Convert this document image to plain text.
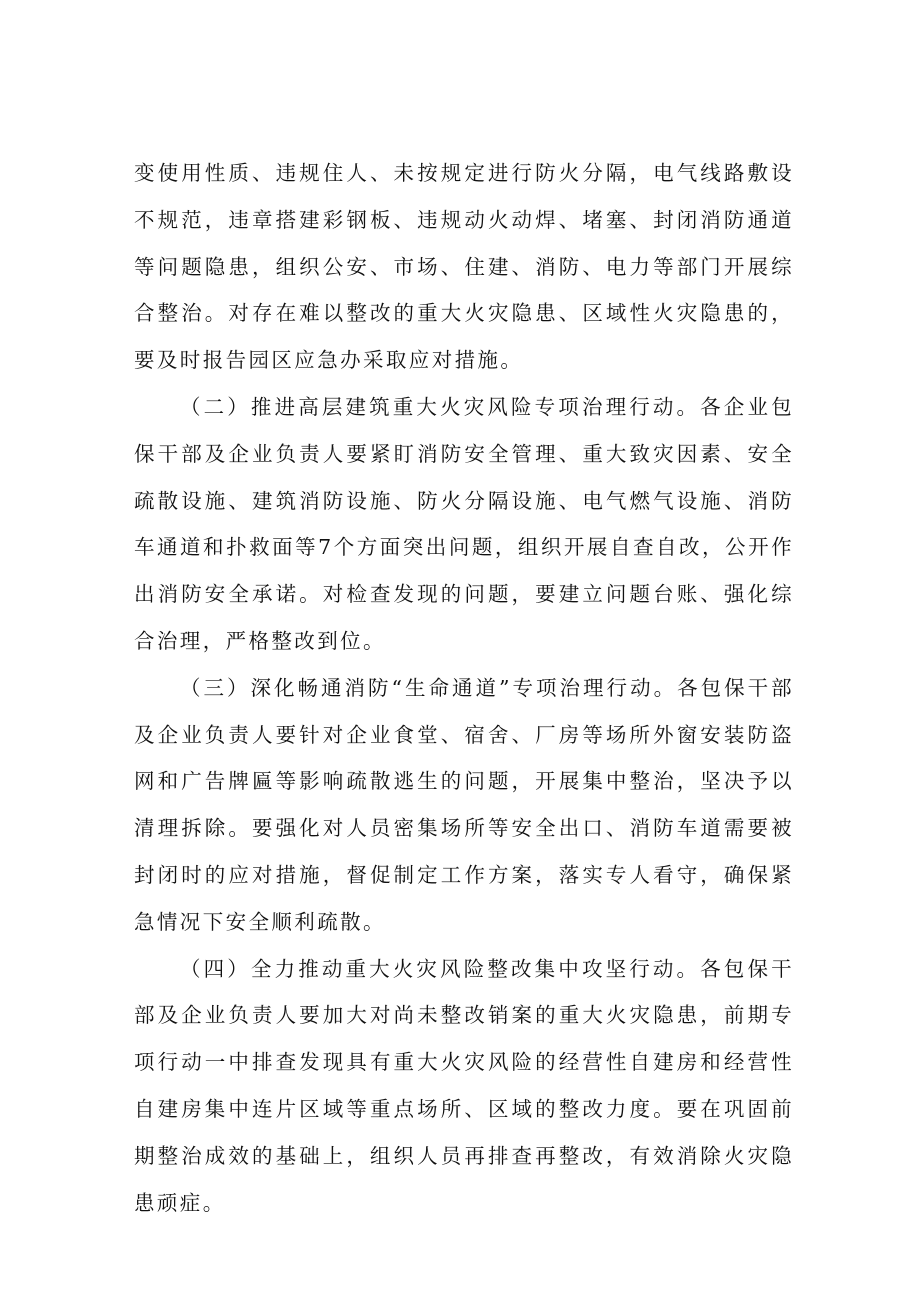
变使用性质、违规住人、未按规定进行防火分隔，电气线路敷设不规范，违章搭建彩钢板、违规动火动焊、堵塞、封闭消防通道等问题隐患，组织公安、市场、住建、消防、电力等部门开展综合整治。对存在难以整改的重大火灾隐患、区域性火灾隐患的，要及时报告园区应急办采取应对措施。

（二）推进高层建筑重大火灾风险专项治理行动。各企业包保干部及企业负责人要紧盯消防安全管理、重大致灾因素、安全疏散设施、建筑消防设施、防火分隔设施、电气燃气设施、消防车通道和扑救面等7个方面突出问题，组织开展自查自改，公开作出消防安全承诺。对检查发现的问题，要建立问题台账、强化综合治理，严格整改到位。

（三）深化畅通消防“生命通道”专项治理行动。各包保干部及企业负责人要针对企业食堂、宿舍、厂房等场所外窗安装防盗网和广告牌匾等影响疏散逃生的问题，开展集中整治，坚决予以清理拆除。要强化对人员密集场所等安全出口、消防车道需要被封闭时的应对措施，督促制定工作方案，落实专人看守，确保紧急情况下安全顺利疏散。

（四）全力推动重大火灾风险整改集中攻坚行动。各包保干部及企业负责人要加大对尚未整改销案的重大火灾隐患，前期专项行动一中排查发现具有重大火灾风险的经营性自建房和经营性自建房集中连片区域等重点场所、区域的整改力度。要在巩固前期整治成效的基础上，组织人员再排查再整改，有效消除火灾隐患顽症。
